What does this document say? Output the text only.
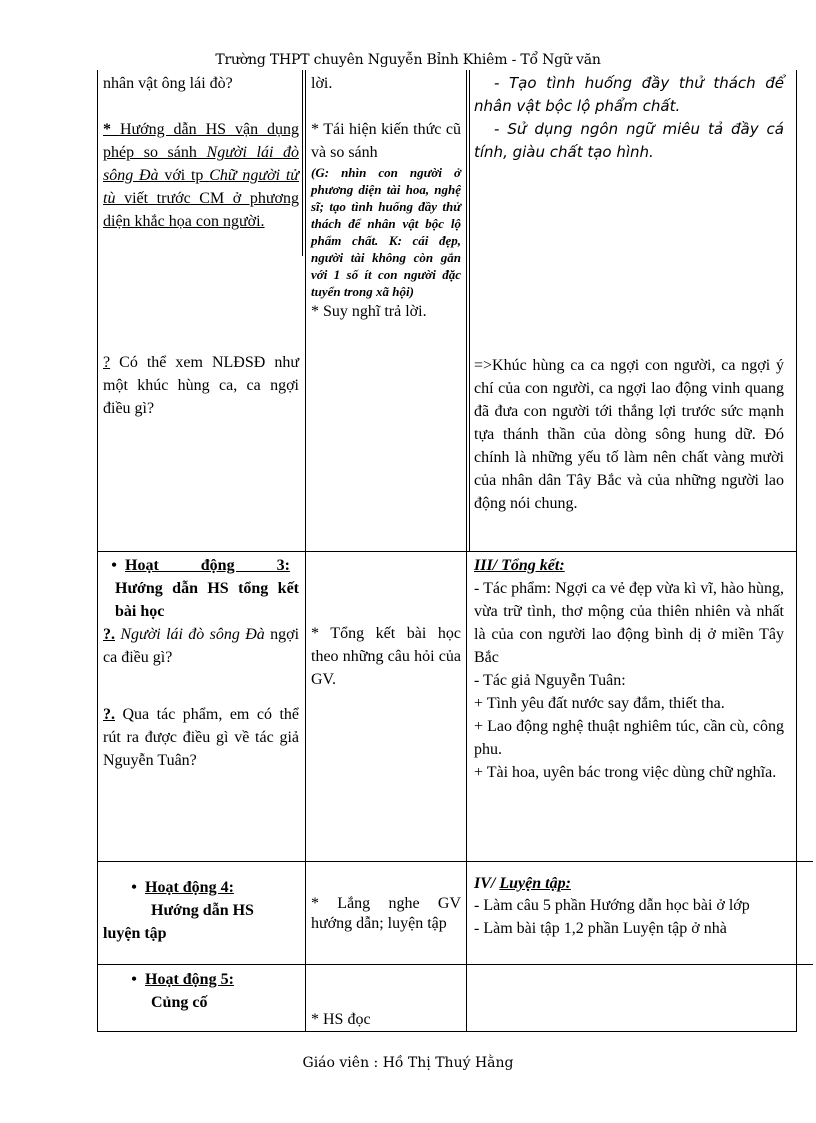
Trường THPT chuyên Nguyễn Bỉnh Khiêm - Tổ Ngữ văn

nhân vật ông lái đò?

* Hướng dẫn HS vận dụng phép so sánh Người lái đò sông Đà với tp Chữ người tử tù viết trước CM ở phương diện khắc họa con người.

? Có thể xem NLĐSĐ như một khúc hùng ca, ca ngợi điều gì?

lời.

* Tái hiện kiến thức cũ và so sánh

(G: nhìn con người ở phương diện tài hoa, nghệ sĩ; tạo tình huống đầy thử thách để nhân vật bộc lộ phẩm chất. K: cái đẹp, người tài không còn gắn với 1 số ít con người đặc tuyển trong xã hội)

* Suy nghĩ trả lời.

- Tạo tình huống đầy thử thách để nhân vật bộc lộ phẩm chất.

- Sử dụng ngôn ngữ miêu tả đầy cá tính, giàu chất tạo hình.

=>Khúc hùng ca ca ngợi con người, ca ngợi ý chí của con người, ca ngợi lao động vinh quang đã đưa con người tới thắng lợi trước sức mạnh tựa thánh thần của dòng sông hung dữ. Đó chính là những yếu tố làm nên chất vàng mười của nhân dân Tây Bắc và của những người lao động nói chung.

• Hoạt động 3:

Hướng dẫn HS tổng kết bài học

?. Người lái đò sông Đà ngợi ca điều gì?

?. Qua tác phẩm, em có thể rút ra được điều gì về tác giả Nguyễn Tuân?

* Tổng kết bài học theo những câu hỏi của GV.

III/ Tổng kết:

- Tác phẩm: Ngợi ca vẻ đẹp vừa kì vĩ, hào hùng, vừa trữ tình, thơ mộng của thiên nhiên và nhất là của con người lao động bình dị ở miền Tây Bắc

- Tác giả Nguyễn Tuân:

+ Tình yêu đất nước say đắm, thiết tha.

+ Lao động nghệ thuật nghiêm túc, cần cù, công phu.

+ Tài hoa, uyên bác trong việc dùng chữ nghĩa.

• Hoạt động 4:

Hướng dẫn HS

luyện tập

* Lắng nghe GV hướng dẫn; luyện tập

IV/ Luyện tập:

- Làm câu 5 phần Hướng dẫn học bài ở lớp

- Làm bài tập 1,2 phần Luyện tập ở nhà

• Hoạt động 5:

Củng cố

* HS đọc

Giáo viên : Hồ Thị Thuý Hằng
